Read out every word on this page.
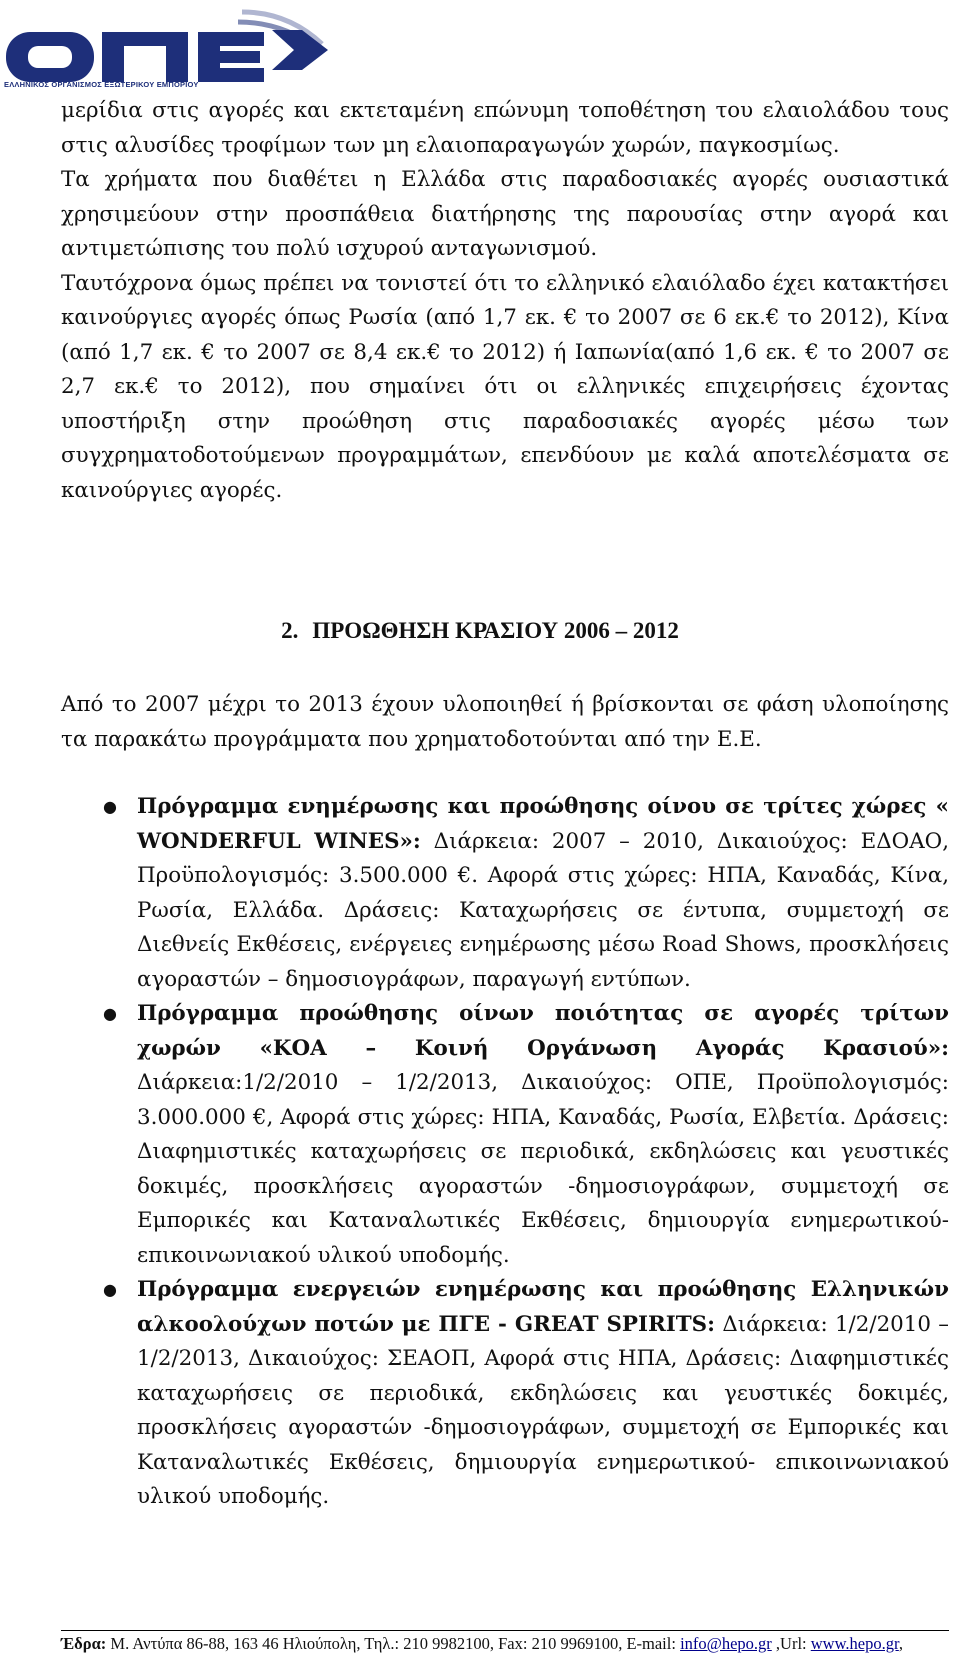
ΕΛΛΗΝΙΚΟΣ ΟΡΓΑΝΙΣΜΟΣ ΕΞΩΤΕΡΙΚΟΥ ΕΜΠΟΡΙΟΥ

μερίδια στις αγορές και εκτεταμένη επώνυμη τοποθέτηση του ελαιολάδου τους στις αλυσίδες τροφίμων των μη ελαιοπαραγωγών χωρών, παγκοσμίως.

Τα χρήματα που διαθέτει η Ελλάδα στις παραδοσιακές αγορές ουσιαστικά χρησιμεύουν στην προσπάθεια διατήρησης της παρουσίας στην αγορά και αντιμετώπισης του πολύ ισχυρού ανταγωνισμού.

Ταυτόχρονα όμως πρέπει να τονιστεί ότι το ελληνικό ελαιόλαδο έχει κατακτήσει καινούργιες αγορές όπως Ρωσία (από 1,7 εκ. € το 2007 σε 6 εκ.€ το 2012), Κίνα (από 1,7 εκ. € το 2007 σε 8,4 εκ.€ το 2012) ή Ιαπωνία(από 1,6 εκ. € το 2007 σε 2,7 εκ.€ το 2012), που σημαίνει ότι οι ελληνικές επιχειρήσεις έχοντας υποστήριξη στην προώθηση στις παραδοσιακές αγορές μέσω των συγχρηματοδοτούμενων προγραμμάτων, επενδύουν με καλά αποτελέσματα σε καινούργιες αγορές.

2. ΠΡΟΩΘΗΣΗ ΚΡΑΣΙΟΥ 2006 – 2012

Από το 2007 μέχρι το 2013 έχουν υλοποιηθεί ή βρίσκονται σε φάση υλοποίησης τα παρακάτω προγράμματα που χρηματοδοτούνται από την Ε.Ε.

● Πρόγραμμα ενημέρωσης και προώθησης οίνου σε τρίτες χώρες « WONDERFUL WINES»: Διάρκεια: 2007 – 2010, Δικαιούχος: ΕΔΟΑΟ, Προϋπολογισμός: 3.500.000 €. Αφορά στις χώρες: ΗΠΑ, Καναδάς, Κίνα, Ρωσία, Ελλάδα. Δράσεις: Καταχωρήσεις σε έντυπα, συμμετοχή σε Διεθνείς Εκθέσεις, ενέργειες ενημέρωσης μέσω Road Shows, προσκλήσεις αγοραστών – δημοσιογράφων, παραγωγή εντύπων.
● Πρόγραμμα προώθησης οίνων ποιότητας σε αγορές τρίτων χωρών «ΚΟΑ – Κοινή Οργάνωση Αγοράς Κρασιού»: Διάρκεια:1/2/2010 – 1/2/2013, Δικαιούχος: ΟΠΕ, Προϋπολογισμός: 3.000.000 €, Αφορά στις χώρες: ΗΠΑ, Καναδάς, Ρωσία, Ελβετία. Δράσεις: Διαφημιστικές καταχωρήσεις σε περιοδικά, εκδηλώσεις και γευστικές δοκιμές, προσκλήσεις αγοραστών -δημοσιογράφων, συμμετοχή σε Εμπορικές και Καταναλωτικές Εκθέσεις, δημιουργία ενημερωτικού- επικοινωνιακού υλικού υποδομής.
● Πρόγραμμα ενεργειών ενημέρωσης και προώθησης Ελληνικών αλκοολούχων ποτών με ΠΓΕ - GREAT SPIRITS: Διάρκεια: 1/2/2010 – 1/2/2013, Δικαιούχος: ΣΕΑΟΠ, Αφορά στις ΗΠΑ, Δράσεις: Διαφημιστικές καταχωρήσεις σε περιοδικά, εκδηλώσεις και γευστικές δοκιμές, προσκλήσεις αγοραστών -δημοσιογράφων, συμμετοχή σε Εμπορικές και Καταναλωτικές Εκθέσεις, δημιουργία ενημερωτικού- επικοινωνιακού υλικού υποδομής.
Έδρα: Μ. Αντύπα 86-88, 163 46 Ηλιούπολη, Τηλ.: 210 9982100, Fax: 210 9969100, E-mail: info@hepo.gr ,Url: www.hepo.gr,
